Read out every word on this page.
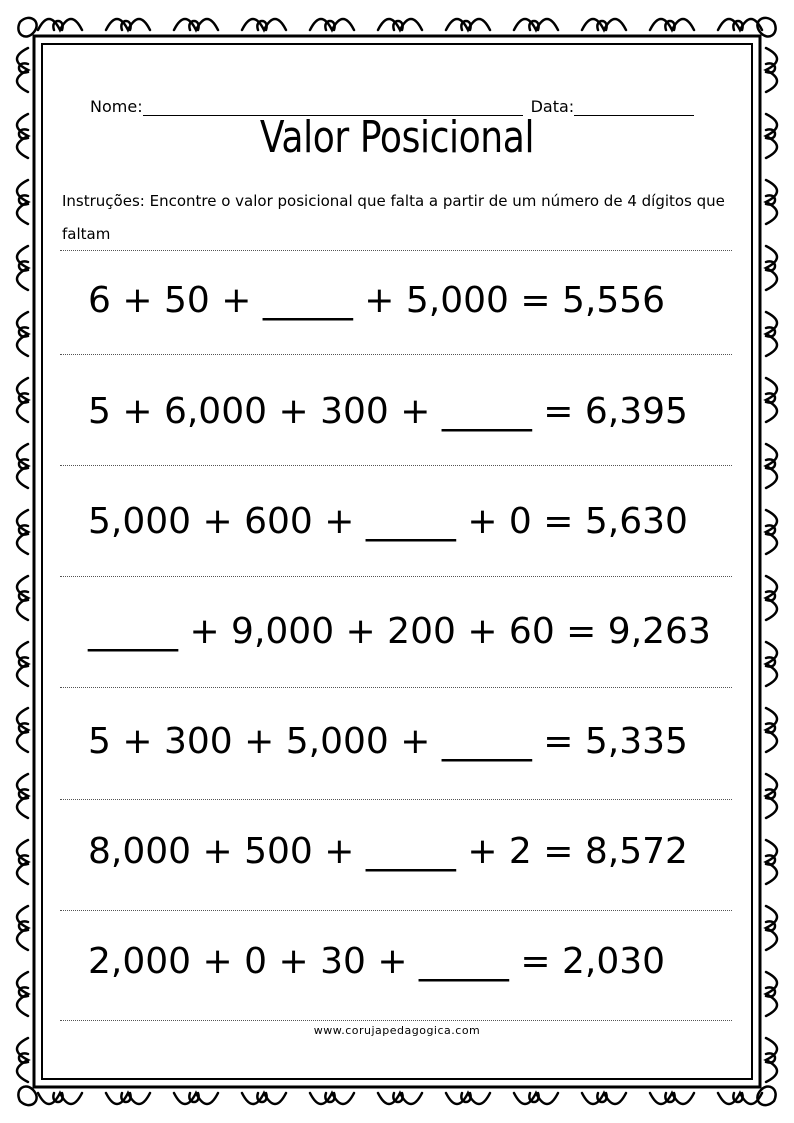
Nome:	Data:
Valor Posicional
Instruções: Encontre o valor posicional que falta a partir de um número de 4 dígitos que faltam
6 + 50 + _____ + 5,000 = 5,556
5 + 6,000 + 300 + _____ = 6,395
5,000 + 600 + _____ + 0 = 5,630
_____ + 9,000 + 200 + 60 = 9,263
5 + 300 + 5,000 + _____ = 5,335
8,000 + 500 + _____ + 2 = 8,572
2,000 + 0 + 30 + _____ = 2,030
www.corujapedagogica.com
